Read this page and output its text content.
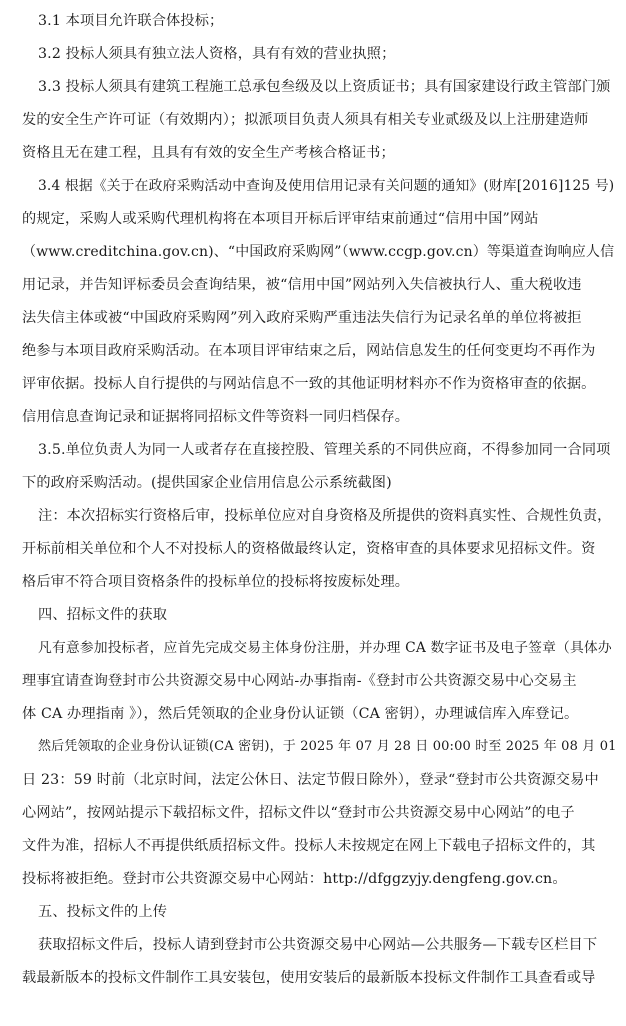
3.1 本项目允许联合体投标；
3.2 投标人须具有独立法人资格，具有有效的营业执照；
3.3 投标人须具有建筑工程施工总承包叁级及以上资质证书；具有国家建设行政主管部门颁
发的安全生产许可证（有效期内）；拟派项目负责人须具有相关专业贰级及以上注册建造师
资格且无在建工程，且具有有效的安全生产考核合格证书；
3.4 根据《关于在政府采购活动中查询及使用信用记录有关问题的通知》(财库[2016]125 号)
的规定，采购人或采购代理机构将在本项目开标后评审结束前通过“信用中国”网站
（www.creditchina.gov.cn)、“中国政府采购网”（www.ccgp.gov.cn）等渠道查询响应人信
用记录，并告知评标委员会查询结果，被“信用中国”网站列入失信被执行人、重大税收违
法失信主体或被“中国政府采购网”列入政府采购严重违法失信行为记录名单的单位将被拒
绝参与本项目政府采购活动。在本项目评审结束之后，网站信息发生的任何变更均不再作为
评审依据。投标人自行提供的与网站信息不一致的其他证明材料亦不作为资格审查的依据。
信用信息查询记录和证据将同招标文件等资料一同归档保存。
3.5.单位负责人为同一人或者存在直接控股、管理关系的不同供应商，不得参加同一合同项
下的政府采购活动。(提供国家企业信用信息公示系统截图)
注：本次招标实行资格后审，投标单位应对自身资格及所提供的资料真实性、合规性负责，
开标前相关单位和个人不对投标人的资格做最终认定，资格审查的具体要求见招标文件。资
格后审不符合项目资格条件的投标单位的投标将按废标处理。
四、招标文件的获取
凡有意参加投标者，应首先完成交易主体身份注册，并办理 CA 数字证书及电子签章（具体办
理事宜请查询登封市公共资源交易中心网站-办事指南-《登封市公共资源交易中心交易主
体 CA 办理指南 》），然后凭领取的企业身份认证锁（CA 密钥），办理诚信库入库登记。
然后凭领取的企业身份认证锁(CA 密钥)，于 2025 年 07 月 28 日 00:00 时至 2025 年 08 月 01
日 23：59 时前（北京时间，法定公休日、法定节假日除外），登录“登封市公共资源交易中
心网站”，按网站提示下载招标文件，招标文件以“登封市公共资源交易中心网站”的电子
文件为准，招标人不再提供纸质招标文件。投标人未按规定在网上下载电子招标文件的，其
投标将被拒绝。登封市公共资源交易中心网站：http://dfggzyjy.dengfeng.gov.cn。
五、投标文件的上传
获取招标文件后，投标人请到登封市公共资源交易中心网站—公共服务—下载专区栏目下
载最新版本的投标文件制作工具安装包，使用安装后的最新版本投标文件制作工具查看或导
